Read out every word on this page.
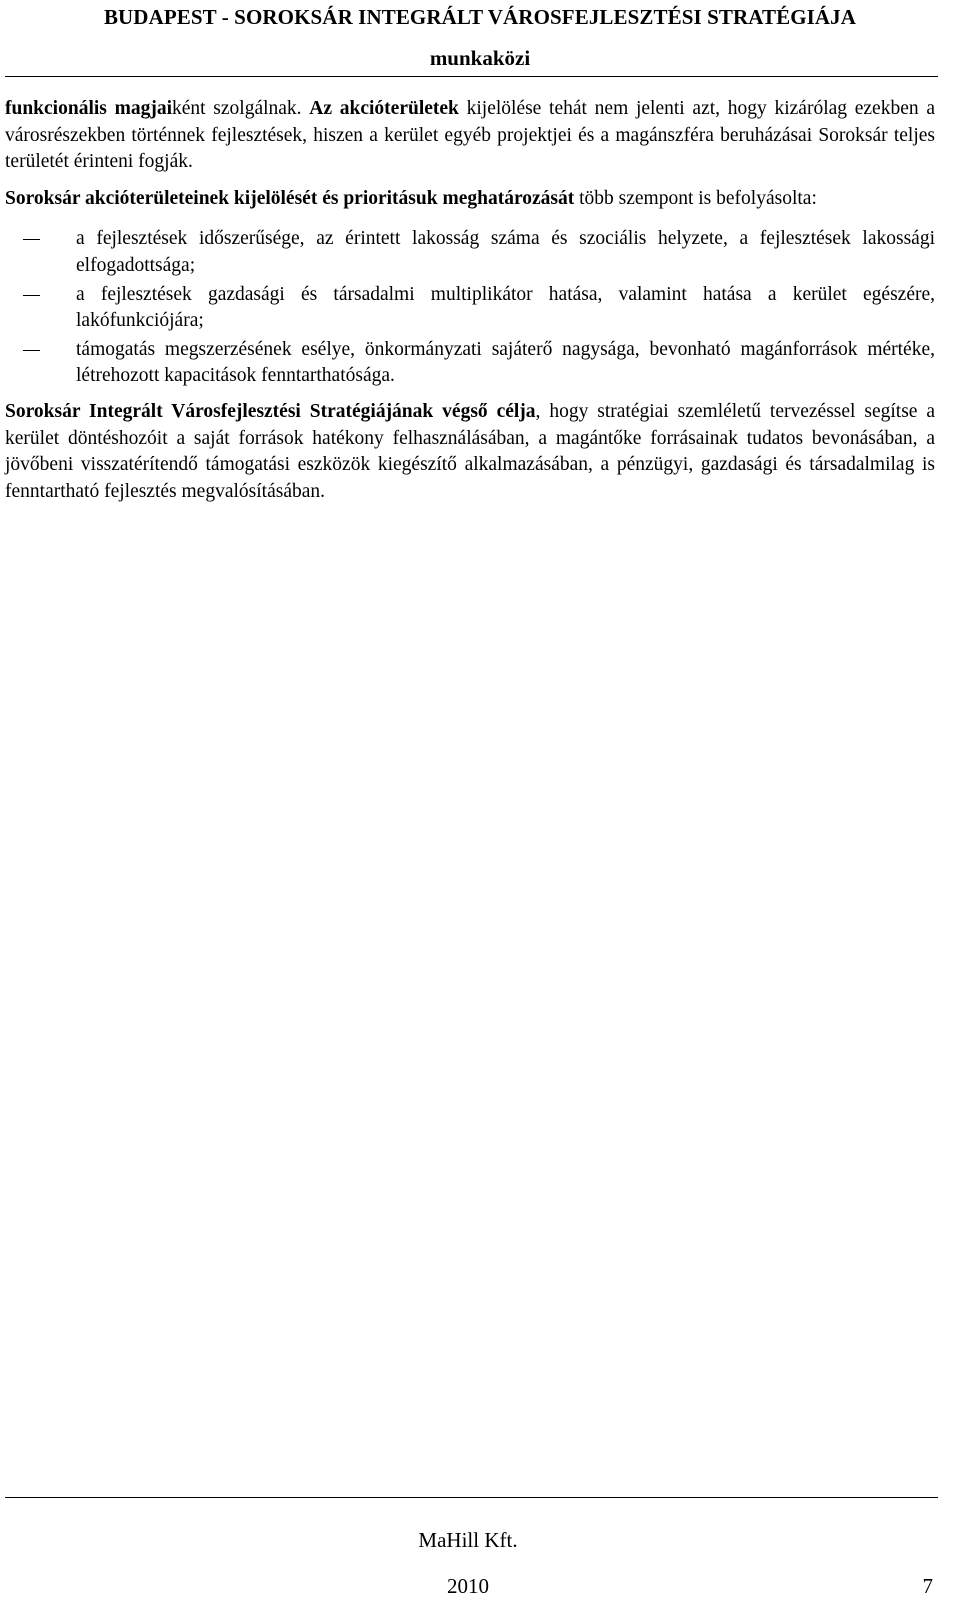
BUDAPEST - SOROKSÁR INTEGRÁLT VÁROSFEJLESZTÉSI STRATÉGIÁJA
munkaközi

funkcionális magjaiként szolgálnak. Az akcióterületek kijelölése tehát nem jelenti azt, hogy kizárólag ezekben a városrészekben történnek fejlesztések, hiszen a kerület egyéb projektjei és a magánszféra beruházásai Soroksár teljes területét érinteni fogják.

Soroksár akcióterületeinek kijelölését és prioritásuk meghatározását több szempont is befolyásolta:

a fejlesztések időszerűsége, az érintett lakosság száma és szociális helyzete, a fejlesztések lakossági elfogadottsága;
a fejlesztések gazdasági és társadalmi multiplikátor hatása, valamint hatása a kerület egészére, lakófunkciójára;
támogatás megszerzésének esélye, önkormányzati sajáterő nagysága, bevonható magánforrások mértéke, létrehozott kapacitások fenntarthatósága.

Soroksár Integrált Városfejlesztési Stratégiájának végső célja, hogy stratégiai szemléletű tervezéssel segítse a kerület döntéshozóit a saját források hatékony felhasználásában, a magántőke forrásainak tudatos bevonásában, a jövőbeni visszatérítendő támogatási eszközök kiegészítő alkalmazásában, a pénzügyi, gazdasági és társadalmilag is fenntartható fejlesztés megvalósításában.

MaHill Kft.
2010	7
